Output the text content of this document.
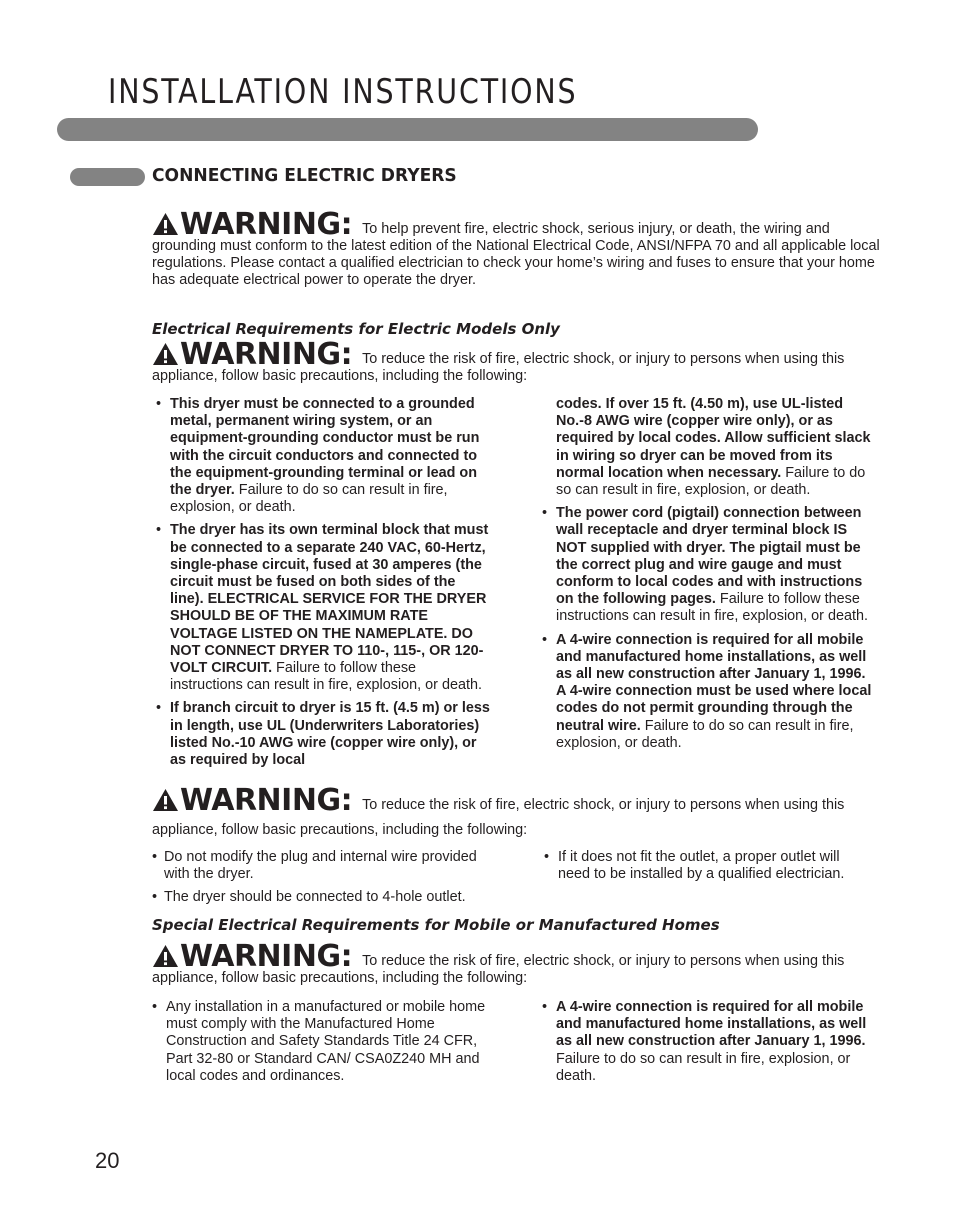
INSTALLATION INSTRUCTIONS
CONNECTING ELECTRIC DRYERS
WARNING: To help prevent fire, electric shock, serious injury, or death, the wiring and grounding must conform to the latest edition of the National Electrical Code, ANSI/NFPA 70 and all applicable local regulations. Please contact a qualified electrician to check your home’s wiring and fuses to ensure that your home has adequate electrical power to operate the dryer.
Electrical Requirements for Electric Models Only
WARNING: To reduce the risk of fire, electric shock, or injury to persons when using this appliance, follow basic precautions, including the following:
• This dryer must be connected to a grounded metal, permanent wiring system, or an equipment-grounding conductor must be run with the circuit conductors and connected to the equipment-grounding terminal or lead on the dryer. Failure to do so can result in fire, explosion, or death.
• The dryer has its own terminal block that must be connected to a separate 240 VAC, 60-Hertz, single-phase circuit, fused at 30 amperes (the circuit must be fused on both sides of the line). ELECTRICAL SERVICE FOR THE DRYER SHOULD BE OF THE MAXIMUM RATE VOLTAGE LISTED ON THE NAMEPLATE. DO NOT CONNECT DRYER TO 110-, 115-, OR 120-VOLT CIRCUIT. Failure to follow these instructions can result in fire, explosion, or death.
• If branch circuit to dryer is 15 ft. (4.5 m) or less in length, use UL (Underwriters Laboratories) listed No.-10 AWG wire (copper wire only), or as required by local
codes. If over 15 ft. (4.50 m), use UL-listed No.-8 AWG wire (copper wire only), or as required by local codes. Allow sufficient slack in wiring so dryer can be moved from its normal location when necessary. Failure to do so can result in fire, explosion, or death.
• The power cord (pigtail) connection between wall receptacle and dryer terminal block IS NOT supplied with dryer. The pigtail must be the correct plug and wire gauge and must conform to local codes and with instructions on the following pages. Failure to follow these instructions can result in fire, explosion, or death.
• A 4-wire connection is required for all mobile and manufactured home installations, as well as all new construction after January 1, 1996. A 4-wire connection must be used where local codes do not permit grounding through the neutral wire. Failure to do so can result in fire, explosion, or death.
WARNING: To reduce the risk of fire, electric shock, or injury to persons when using this appliance, follow basic precautions, including the following:
• Do not modify the plug and internal wire provided with the dryer.
• The dryer should be connected to 4-hole outlet.
• If it does not fit the outlet, a proper outlet will need to be installed by a qualified electrician.
Special Electrical Requirements for Mobile or Manufactured Homes
WARNING: To reduce the risk of fire, electric shock, or injury to persons when using this appliance, follow basic precautions, including the following:
• Any installation in a manufactured or mobile home must comply with the Manufactured Home Construction and Safety Standards Title 24 CFR, Part 32-80 or Standard CAN/ CSA0Z240 MH and local codes and ordinances.
• A 4-wire connection is required for all mobile and manufactured home installations, as well as all new construction after January 1, 1996. Failure to do so can result in fire, explosion, or death.
20
